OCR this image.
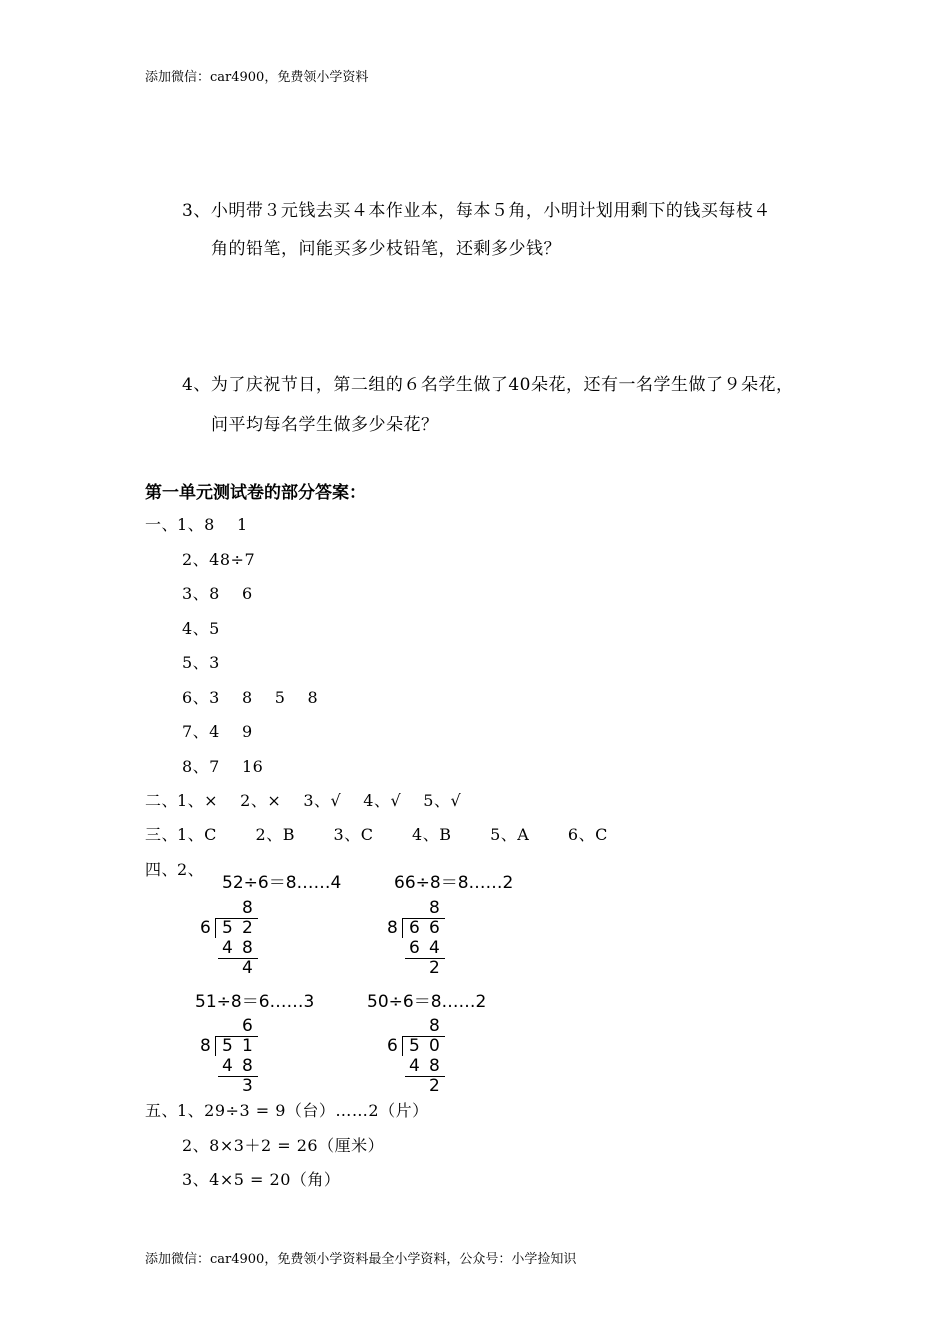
添加微信：car4900，免费领小学资料
3、小明带３元钱去买４本作业本，每本５角，小明计划用剩下的钱买每枝４
角的铅笔，问能买多少枝铅笔，还剩多少钱？
4、为了庆祝节日，第二组的６名学生做了40朵花，还有一名学生做了９朵花，
问平均每名学生做多少朵花？
第一单元测试卷的部分答案：
一、
1、8　 1
2、48÷7
3、8　 6
4、5
5、3
6、3　 8　 5　 8
7、4　 9
8、7　 16
二、
1、×　 2、×　 3、√　 4、√　 5、√
三、
1、C　　 2、B　　 3、C　　 4、B　　 5、A　　 6、C
四、
2、
52÷6＝8……4
8
6 5 2
4 8
4
66÷8＝8……2
8
8 6 6
6 4
2
51÷8＝6……3
6
8 5 1
4 8
3
50÷6＝8……2
8
6 5 0
4 8
2
五、
1、29÷3 = 9（台）……2（片）
2、8×3＋2 = 26（厘米）
3、4×5 = 20（角）
添加微信：car4900，免费领小学资料最全小学资料，公众号：小学捡知识
